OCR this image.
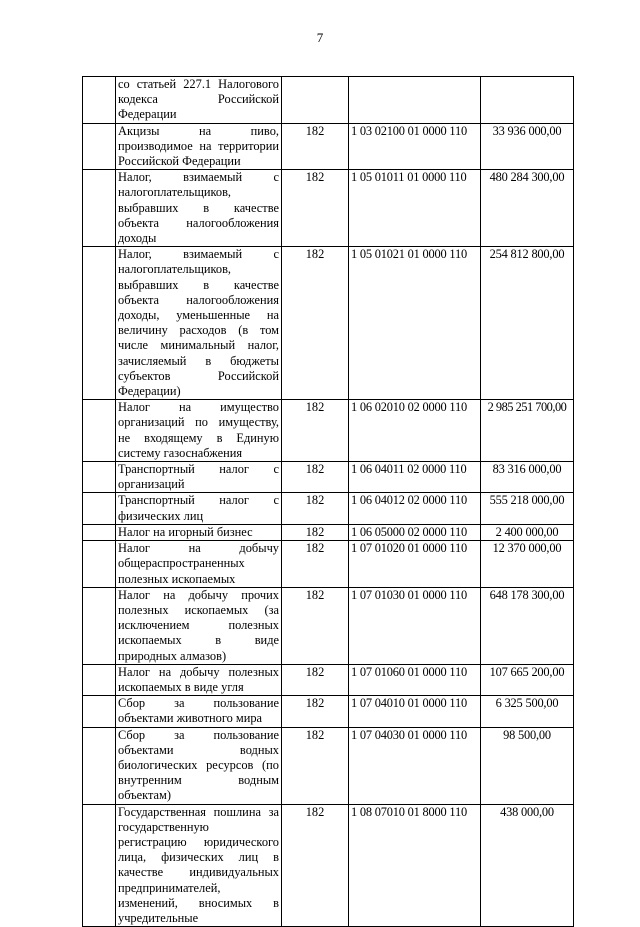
7
	со статьей 227.1 Налогового кодекса Российской Федерации			
	Акцизы на пиво, производимое на территории Российской Федерации	182	1 03 02100 01 0000 110	33 936 000,00
	Налог, взимаемый с налогоплательщиков, выбравших в качестве объекта налогообложения доходы	182	1 05 01011 01 0000 110	480 284 300,00
	Налог, взимаемый с налогоплательщиков, выбравших в качестве объекта налогообложения доходы, уменьшенные на величину расходов (в том числе минимальный налог, зачисляемый в бюджеты субъектов Российской Федерации)	182	1 05 01021 01 0000 110	254 812 800,00
	Налог на имущество организаций по имуществу, не входящему в Единую систему газоснабжения	182	1 06 02010 02 0000 110	2 985 251 700,00
	Транспортный налог с организаций	182	1 06 04011 02 0000 110	83 316 000,00
	Транспортный налог с физических лиц	182	1 06 04012 02 0000 110	555 218 000,00
	Налог на игорный бизнес	182	1 06 05000 02 0000 110	2 400 000,00
	Налог на добычу общераспространенных полезных ископаемых	182	1 07 01020 01 0000 110	12 370 000,00
	Налог на добычу прочих полезных ископаемых (за исключением полезных ископаемых в виде природных алмазов)	182	1 07 01030 01 0000 110	648 178 300,00
	Налог на добычу полезных ископаемых в виде угля	182	1 07 01060 01 0000 110	107 665 200,00
	Сбор за пользование объектами животного мира	182	1 07 04010 01 0000 110	6 325 500,00
	Сбор за пользование объектами водных биологических ресурсов (по внутренним водным объектам)	182	1 07 04030 01 0000 110	98 500,00
	Государственная пошлина за государственную регистрацию юридического лица, физических лиц в качестве индивидуальных предпринимателей, изменений, вносимых в учредительные	182	1 08 07010 01 8000 110	438 000,00
